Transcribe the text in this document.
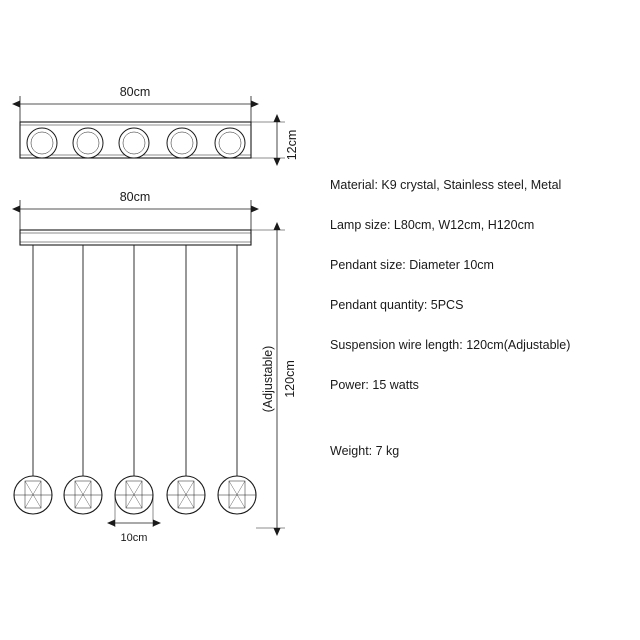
80cm
12cm
80cm
10cm
120cm
(Adjustable)
Material: K9 crystal, Stainless steel, Metal
Lamp size: L80cm, W12cm, H120cm
Pendant size: Diameter 10cm
Pendant quantity: 5PCS
Suspension wire length: 120cm(Adjustable)
Power: 15 watts
Weight: 7 kg
